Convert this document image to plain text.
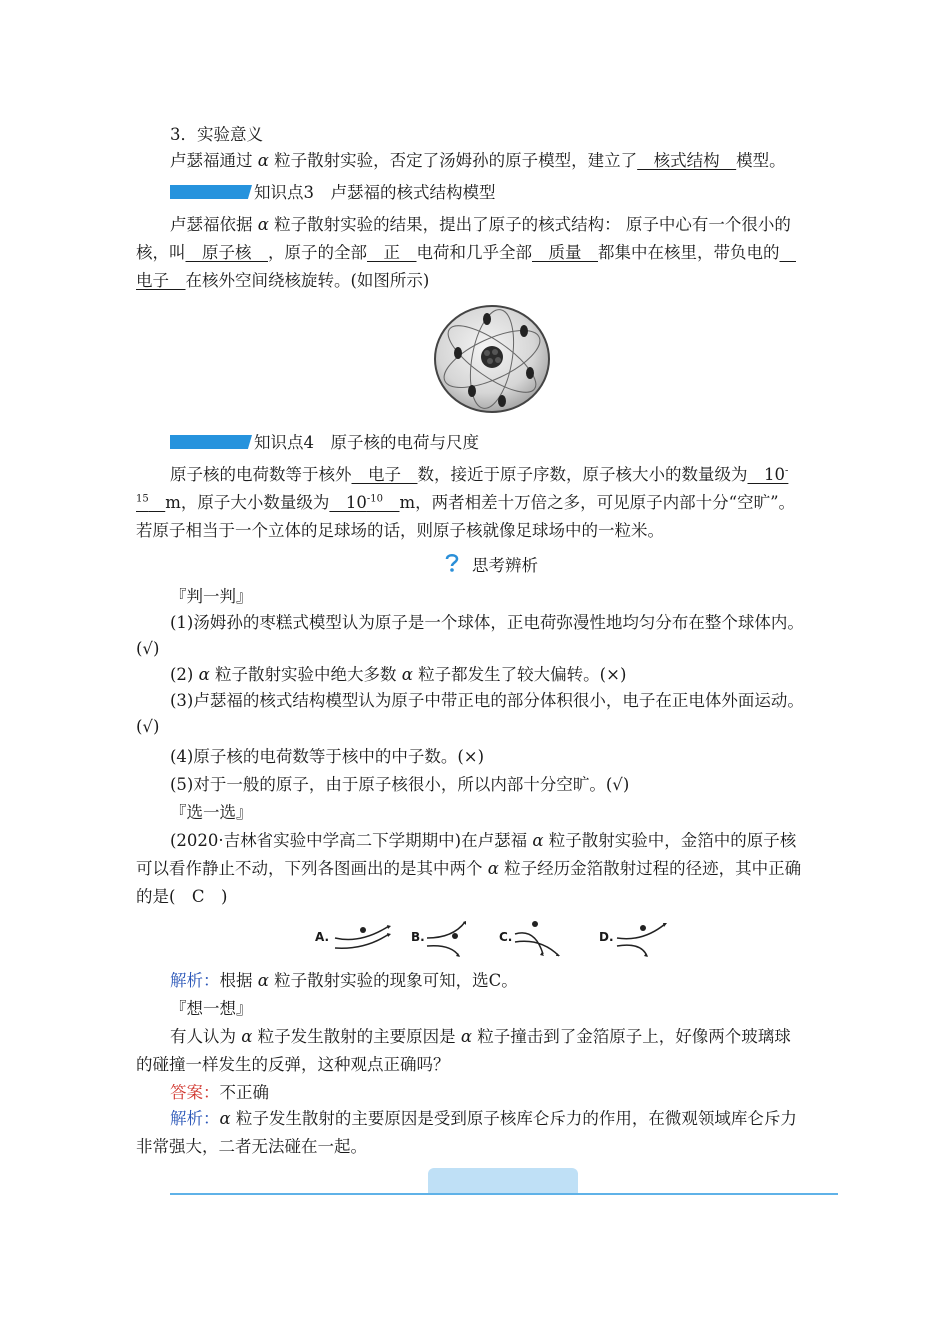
3．实验意义
卢瑟福通过 α 粒子散射实验，否定了汤姆孙的原子模型，建立了　核式结构　模型。
知识点3　卢瑟福的核式结构模型
卢瑟福依据 α 粒子散射实验的结果，提出了原子的核式结构： 原子中心有一个很小的
核，叫　原子核　，原子的全部　正　电荷和几乎全部　质量　都集中在核里，带负电的　
电子　在核外空间绕核旋转。(如图所示)
知识点4　原子核的电荷与尺度
原子核的电荷数等于核外　电子　数，接近于原子序数，原子核大小的数量级为　10-
$^{15}$　 m，原子大小数量级为　$10^{-10}$　 m，两者相差十万倍之多，可见原子内部十分“空旷”。
若原子相当于一个立体的足球场的话，则原子核就像足球场中的一粒米。
思考辨析
『判一判』
(1)汤姆孙的枣糕式模型认为原子是一个球体，正电荷弥漫性地均匀分布在整个球体内。
(√)
(2) α 粒子散射实验中绝大多数 α 粒子都发生了较大偏转。(×)
(3)卢瑟福的核式结构模型认为原子中带正电的部分体积很小，电子在正电体外面运动。
(√)
(4)原子核的电荷数等于核中的中子数。(×)
(5)对于一般的原子，由于原子核很小，所以内部十分空旷。(√)
『选一选』
(2020·吉林省实验中学高二下学期期中)在卢瑟福 α 粒子散射实验中，金箔中的原子核
可以看作静止不动，下列各图画出的是其中两个 α 粒子经历金箔散射过程的径迹，其中正确
的是(　C　)
A.	B.	C.	D.
解析：根据 α 粒子散射实验的现象可知，选C。
『想一想』
有人认为 α 粒子发生散射的主要原因是 α 粒子撞击到了金箔原子上，好像两个玻璃球
的碰撞一样发生的反弹，这种观点正确吗？
答案：不正确
解析：α 粒子发生散射的主要原因是受到原子核库仑斥力的作用，在微观领域库仑斥力
非常强大，二者无法碰在一起。
